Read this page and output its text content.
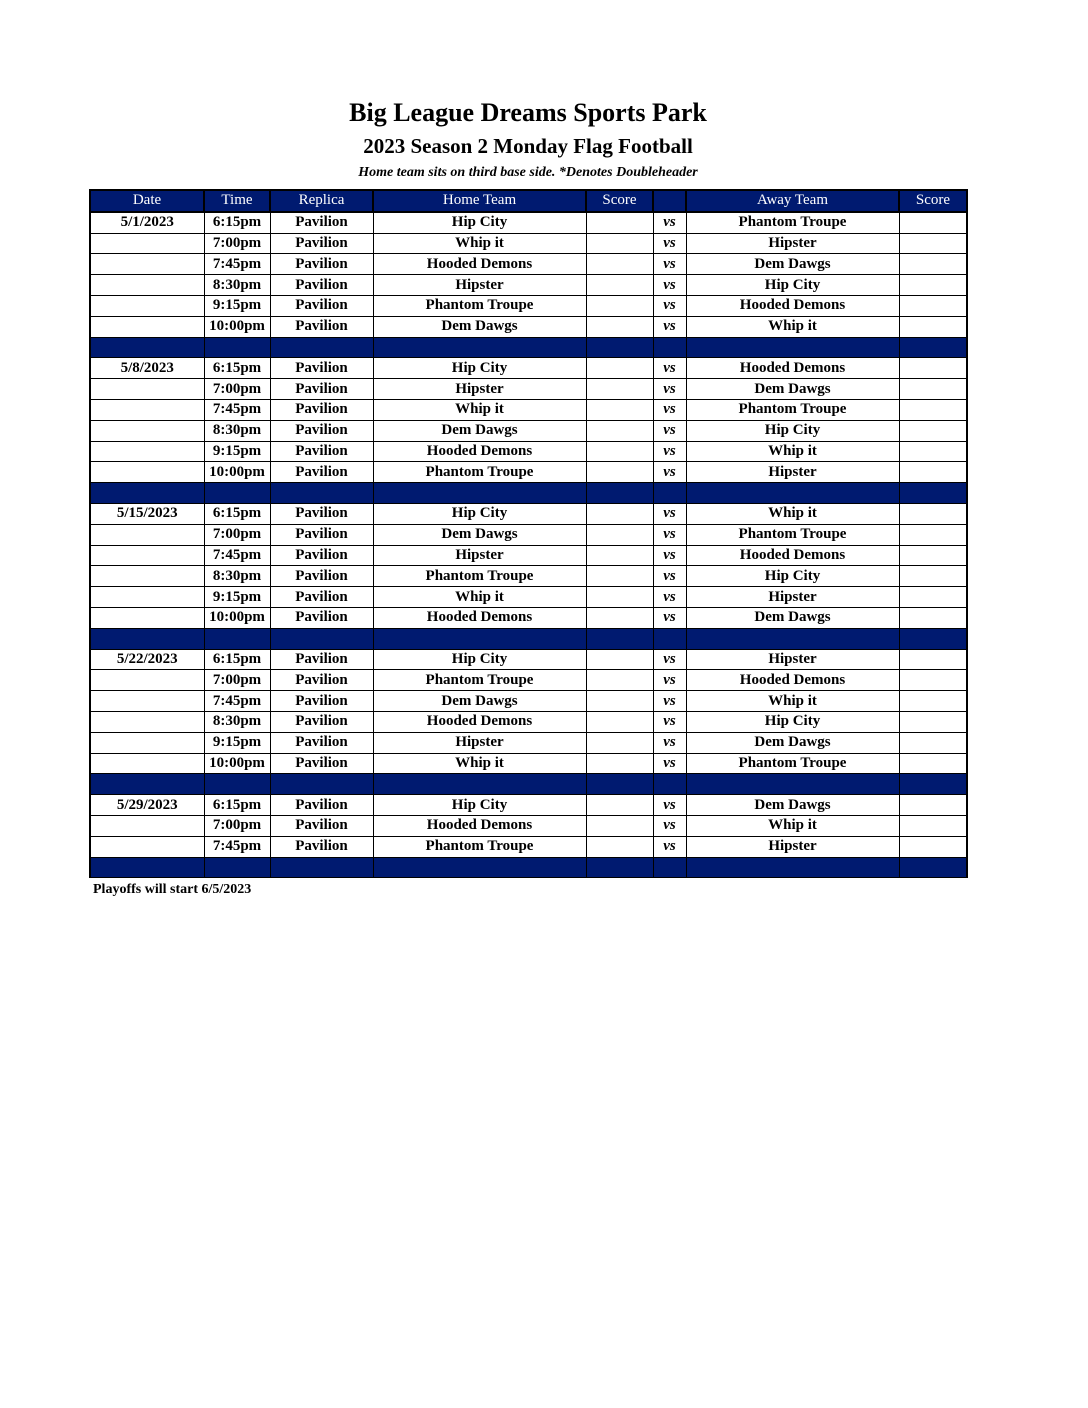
Big League Dreams Sports Park
2023 Season 2 Monday Flag Football
Home team sits on third base side. *Denotes Doubleheader
Date	Time	Replica	Home Team	Score		Away Team	Score
5/1/2023	6:15pm	Pavilion	Hip City		vs	Phantom Troupe	
	7:00pm	Pavilion	Whip it		vs	Hipster	
	7:45pm	Pavilion	Hooded Demons		vs	Dem Dawgs	
	8:30pm	Pavilion	Hipster		vs	Hip City	
	9:15pm	Pavilion	Phantom Troupe		vs	Hooded Demons	
	10:00pm	Pavilion	Dem Dawgs		vs	Whip it	

5/8/2023	6:15pm	Pavilion	Hip City		vs	Hooded Demons	
	7:00pm	Pavilion	Hipster		vs	Dem Dawgs	
	7:45pm	Pavilion	Whip it		vs	Phantom Troupe	
	8:30pm	Pavilion	Dem Dawgs		vs	Hip City	
	9:15pm	Pavilion	Hooded Demons		vs	Whip it	
	10:00pm	Pavilion	Phantom Troupe		vs	Hipster	

5/15/2023	6:15pm	Pavilion	Hip City		vs	Whip it	
	7:00pm	Pavilion	Dem Dawgs		vs	Phantom Troupe	
	7:45pm	Pavilion	Hipster		vs	Hooded Demons	
	8:30pm	Pavilion	Phantom Troupe		vs	Hip City	
	9:15pm	Pavilion	Whip it		vs	Hipster	
	10:00pm	Pavilion	Hooded Demons		vs	Dem Dawgs	

5/22/2023	6:15pm	Pavilion	Hip City		vs	Hipster	
	7:00pm	Pavilion	Phantom Troupe		vs	Hooded Demons	
	7:45pm	Pavilion	Dem Dawgs		vs	Whip it	
	8:30pm	Pavilion	Hooded Demons		vs	Hip City	
	9:15pm	Pavilion	Hipster		vs	Dem Dawgs	
	10:00pm	Pavilion	Whip it		vs	Phantom Troupe	

5/29/2023	6:15pm	Pavilion	Hip City		vs	Dem Dawgs	
	7:00pm	Pavilion	Hooded Demons		vs	Whip it	
	7:45pm	Pavilion	Phantom Troupe		vs	Hipster	

Playoffs will start 6/5/2023
